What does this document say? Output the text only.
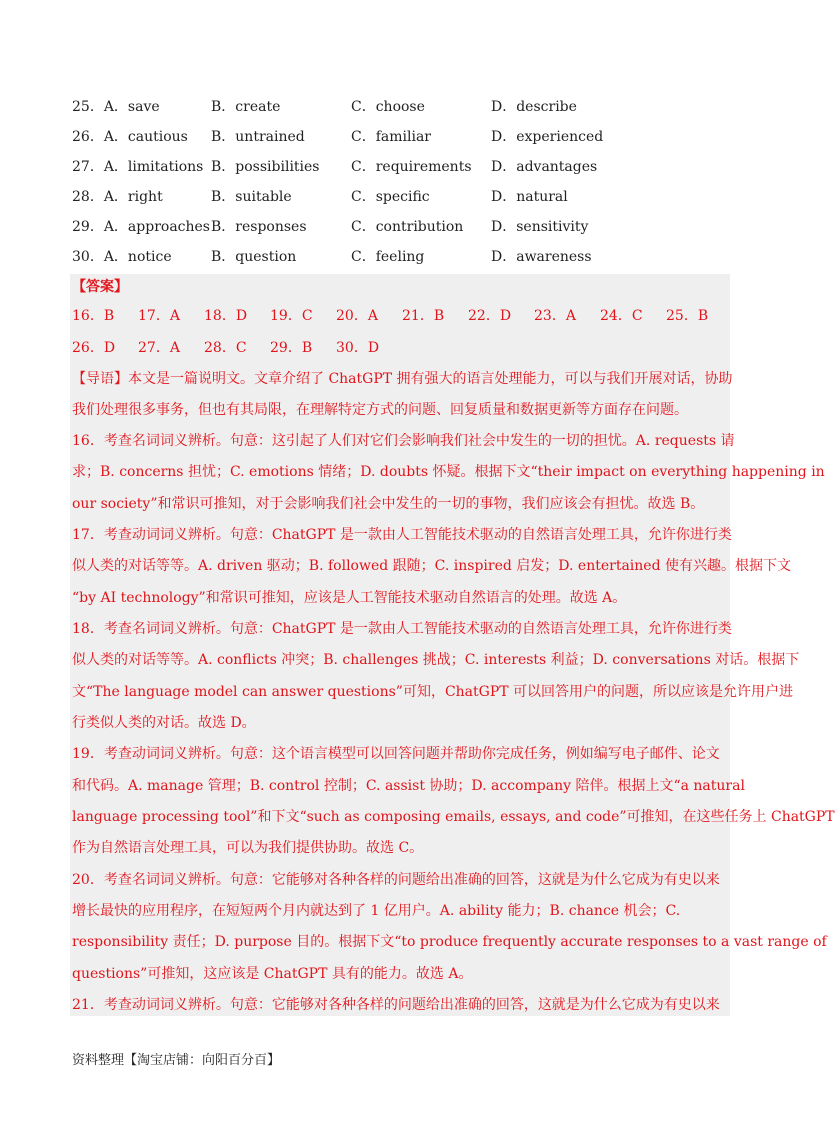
25．A．save	B．create	C．choose	D．describe
26．A．cautious B．untrained	C．familiar	D．experienced
27．A．limitations B．possibilities C．requirements D．advantages
28．A．right	B．suitable	C．specific	D．natural
29．A．approaches B．responses	C．contribution D．sensitivity
30．A．notice	B．question	C．feeling	D．awareness
【答案】
16．B 17．A 18．D 19．C 20．A 21．B 22．D 23．A 24．C 25．B
26．D 27．A 28．C 29．B 30．D
【导语】本文是一篇说明文。文章介绍了 ChatGPT 拥有强大的语言处理能力，可以与我们开展对话，协助
我们处理很多事务，但也有其局限，在理解特定方式的问题、回复质量和数据更新等方面存在问题。
16．考查名词词义辨析。句意：这引起了人们对它们会影响我们社会中发生的一切的担忧。A. requests 请
求；B. concerns 担忧；C. emotions 情绪；D. doubts 怀疑。根据下文“their impact on everything happening in
our society”和常识可推知，对于会影响我们社会中发生的一切的事物，我们应该会有担忧。故选 B。
17．考查动词词义辨析。句意：ChatGPT 是一款由人工智能技术驱动的自然语言处理工具，允许你进行类
似人类的对话等等。A. driven 驱动；B. followed 跟随；C. inspired 启发；D. entertained 使有兴趣。根据下文
“by AI technology”和常识可推知，应该是人工智能技术驱动自然语言的处理。故选 A。
18．考查名词词义辨析。句意：ChatGPT 是一款由人工智能技术驱动的自然语言处理工具，允许你进行类
似人类的对话等等。A. conflicts 冲突；B. challenges 挑战；C. interests 利益；D. conversations 对话。根据下
文“The language model can answer questions”可知，ChatGPT 可以回答用户的问题，所以应该是允许用户进
行类似人类的对话。故选 D。
19．考查动词词义辨析。句意：这个语言模型可以回答问题并帮助你完成任务，例如编写电子邮件、论文
和代码。A. manage 管理；B. control 控制；C. assist 协助；D. accompany 陪伴。根据上文“a natural
language processing tool”和下文“such as composing emails, essays, and code”可推知，在这些任务上 ChatGPT
作为自然语言处理工具，可以为我们提供协助。故选 C。
20．考查名词词义辨析。句意：它能够对各种各样的问题给出准确的回答，这就是为什么它成为有史以来
增长最快的应用程序，在短短两个月内就达到了 1 亿用户。A. ability 能力；B. chance 机会；C.
responsibility 责任；D. purpose 目的。根据下文“to produce frequently accurate responses to a vast range of
questions”可推知，这应该是 ChatGPT 具有的能力。故选 A。
21．考查动词词义辨析。句意：它能够对各种各样的问题给出准确的回答，这就是为什么它成为有史以来
资料整理【淘宝店铺：向阳百分百】
